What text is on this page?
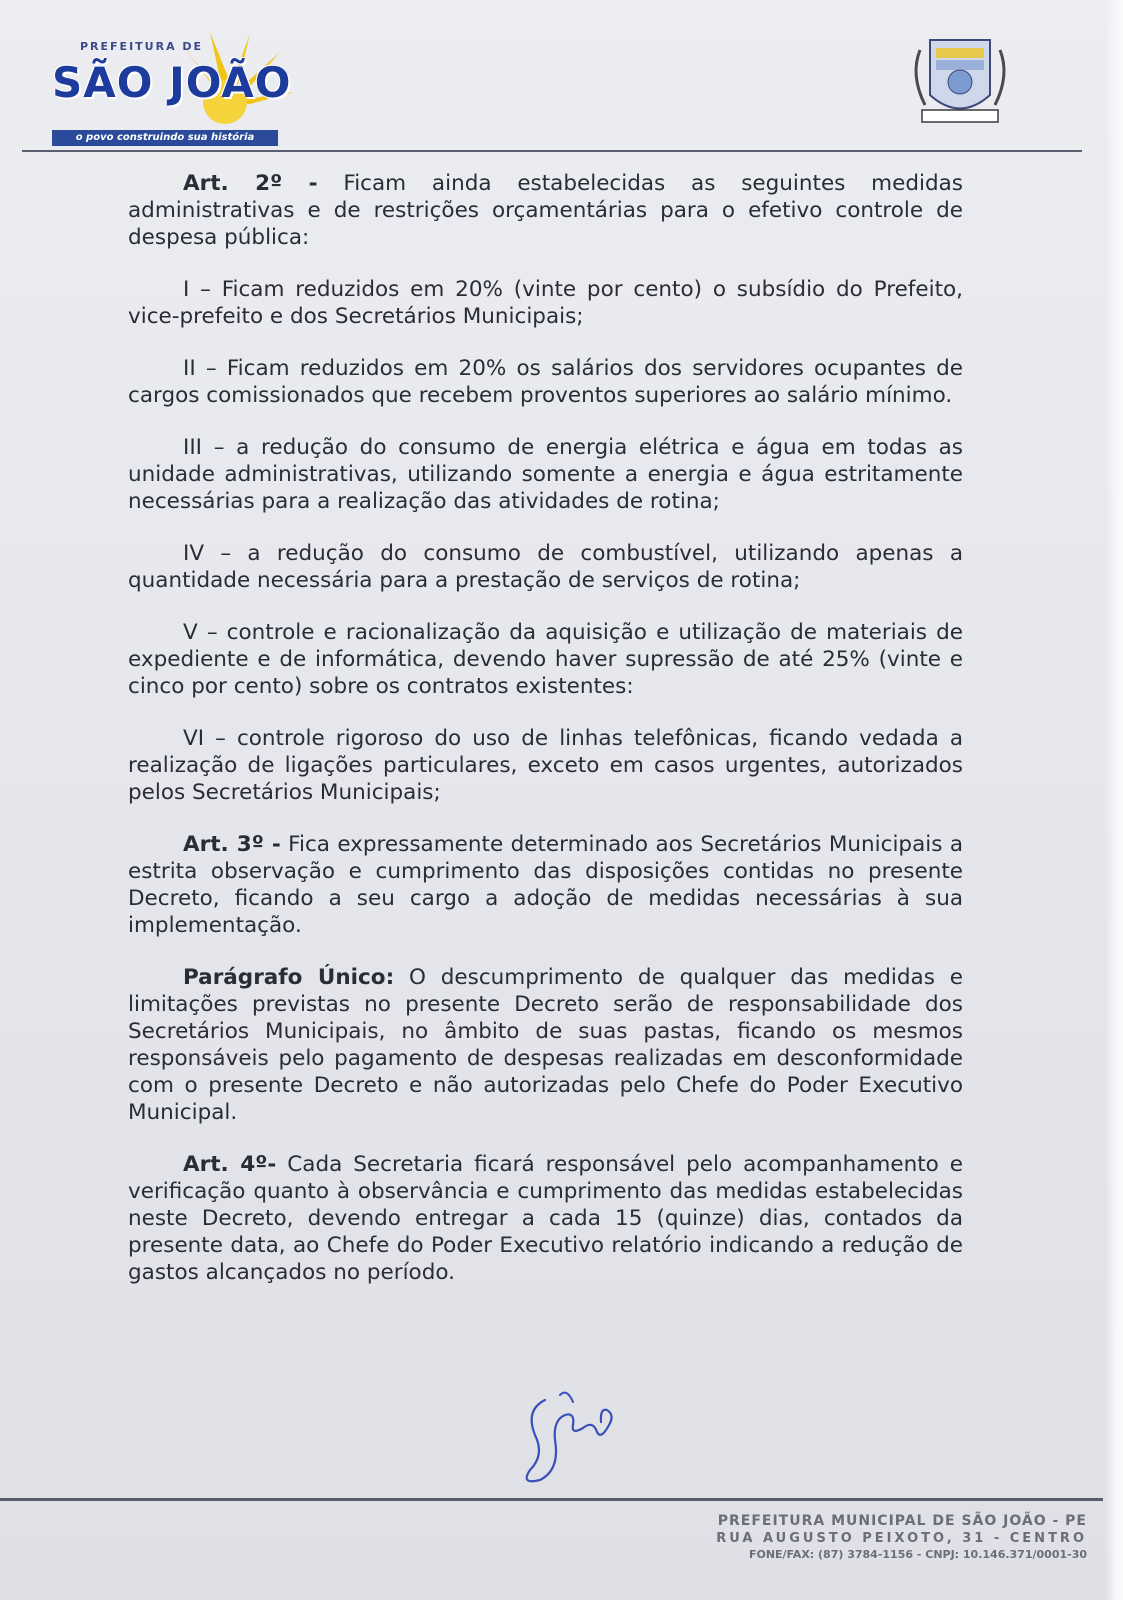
PREFEITURA DE
SÃO JOÃO
o povo construindo sua história

Art. 2º - Ficam ainda estabelecidas as seguintes medidas administrativas e de restrições orçamentárias para o efetivo controle de despesa pública:

I – Ficam reduzidos em 20% (vinte por cento) o subsídio do Prefeito, vice-prefeito e dos Secretários Municipais;

II – Ficam reduzidos em 20% os salários dos servidores ocupantes de cargos comissionados que recebem proventos superiores ao salário mínimo.

III – a redução do consumo de energia elétrica e água em todas as unidade administrativas, utilizando somente a energia e água estritamente necessárias para a realização das atividades de rotina;

IV – a redução do consumo de combustível, utilizando apenas a quantidade necessária para a prestação de serviços de rotina;

V – controle e racionalização da aquisição e utilização de materiais de expediente e de informática, devendo haver supressão de até 25% (vinte e cinco por cento) sobre os contratos existentes:

VI – controle rigoroso do uso de linhas telefônicas, ficando vedada a realização de ligações particulares, exceto em casos urgentes, autorizados pelos Secretários Municipais;

Art. 3º - Fica expressamente determinado aos Secretários Municipais a estrita observação e cumprimento das disposições contidas no presente Decreto, ficando a seu cargo a adoção de medidas necessárias à sua implementação.

Parágrafo Único: O descumprimento de qualquer das medidas e limitações previstas no presente Decreto serão de responsabilidade dos Secretários Municipais, no âmbito de suas pastas, ficando os mesmos responsáveis pelo pagamento de despesas realizadas em desconformidade com o presente Decreto e não autorizadas pelo Chefe do Poder Executivo Municipal.

Art. 4º- Cada Secretaria ficará responsável pelo acompanhamento e verificação quanto à observância e cumprimento das medidas estabelecidas neste Decreto, devendo entregar a cada 15 (quinze) dias, contados da presente data, ao Chefe do Poder Executivo relatório indicando a redução de gastos alcançados no período.

PREFEITURA MUNICIPAL DE SÃO JOÃO - PE
RUA AUGUSTO PEIXOTO, 31 - CENTRO
FONE/FAX: (87) 3784-1156 - CNPJ: 10.146.371/0001-30
